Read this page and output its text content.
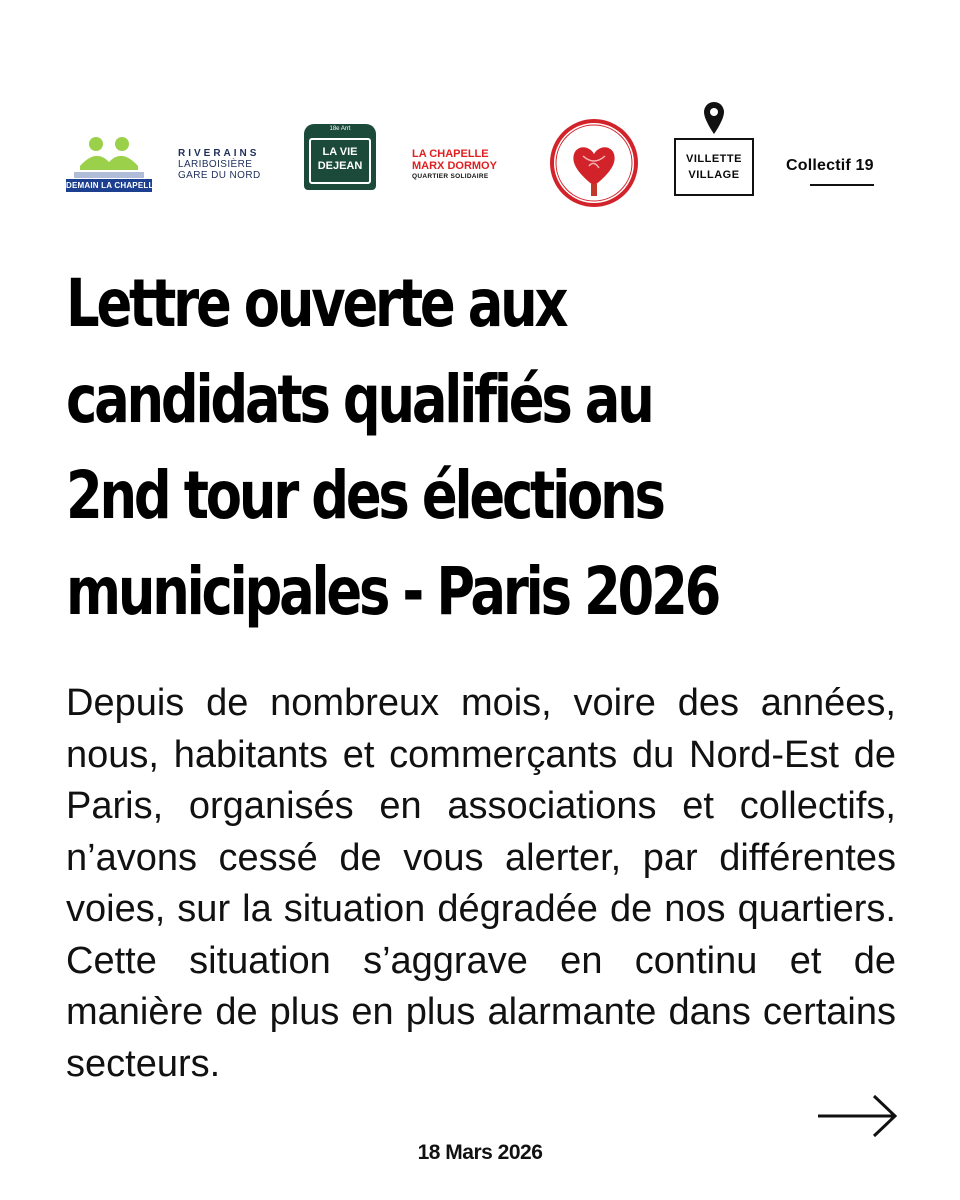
DEMAIN LA CHAPELLE
RIVERAINS
LARIBOISIÈRE
GARE DU NORD
18e Arrt
LA VIE
DEJEAN
LA CHAPELLE
MARX DORMOY
QUARTIER SOLIDAIRE
VILLETTE
VILLAGE
Collectif 19
Lettre ouverte aux candidats qualifiés au 2nd tour des élections municipales - Paris 2026

Depuis de nombreux mois, voire des années, nous, habitants et commerçants du Nord-Est de Paris, organisés en associations et collectifs, n’avons cessé de vous alerter, par différentes voies, sur la situation dégradée de nos quartiers. Cette situation s’aggrave en continu et de manière de plus en plus alarmante dans certains secteurs.

18 Mars 2026
